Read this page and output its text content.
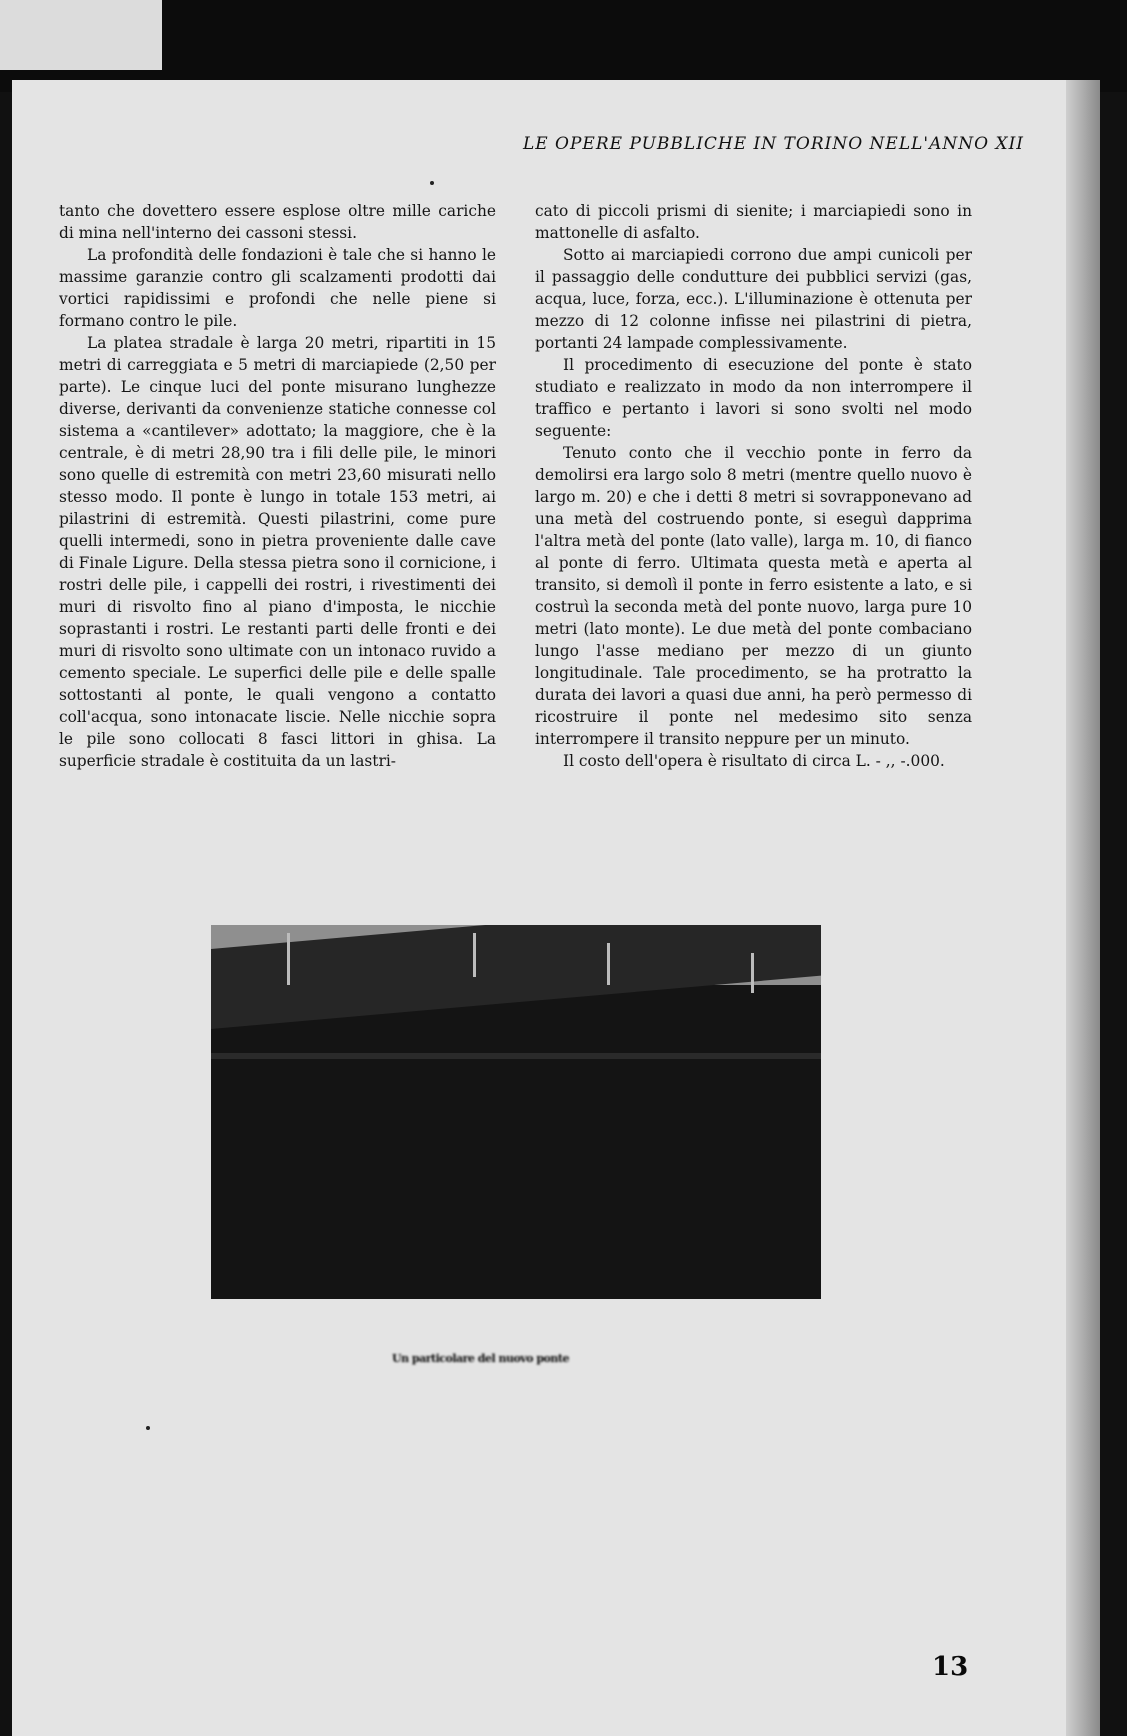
LE OPERE PUBBLICHE IN TORINO NELL'ANNO XII

tanto che dovettero essere esplose oltre mille cariche di mina nell'interno dei cassoni stessi.

La profondità delle fondazioni è tale che si hanno le massime garanzie contro gli scalzamenti prodotti dai vortici rapidissimi e profondi che nelle piene si formano contro le pile.

La platea stradale è larga 20 metri, ripartiti in 15 metri di carreggiata e 5 metri di marciapiede (2,50 per parte). Le cinque luci del ponte misurano lunghezze diverse, derivanti da convenienze statiche connesse col sistema a «cantilever» adottato; la maggiore, che è la centrale, è di metri 28,90 tra i fili delle pile, le minori sono quelle di estremità con metri 23,60 misurati nello stesso modo. Il ponte è lungo in totale 153 metri, ai pilastrini di estremità. Questi pilastrini, come pure quelli intermedi, sono in pietra proveniente dalle cave di Finale Ligure. Della stessa pietra sono il cornicione, i rostri delle pile, i cappelli dei rostri, i rivestimenti dei muri di risvolto fino al piano d'imposta, le nicchie soprastanti i rostri. Le restanti parti delle fronti e dei muri di risvolto sono ultimate con un intonaco ruvido a cemento speciale. Le superfici delle pile e delle spalle sottostanti al ponte, le quali vengono a contatto coll'acqua, sono intonacate liscie. Nelle nicchie sopra le pile sono collocati 8 fasci littori in ghisa. La superficie stradale è costituita da un lastri-

cato di piccoli prismi di sienite; i marciapiedi sono in mattonelle di asfalto.

Sotto ai marciapiedi corrono due ampi cunicoli per il passaggio delle condutture dei pubblici servizi (gas, acqua, luce, forza, ecc.). L'illuminazione è ottenuta per mezzo di 12 colonne infisse nei pilastrini di pietra, portanti 24 lampade complessivamente.

Il procedimento di esecuzione del ponte è stato studiato e realizzato in modo da non interrompere il traffico e pertanto i lavori si sono svolti nel modo seguente:

Tenuto conto che il vecchio ponte in ferro da demolirsi era largo solo 8 metri (mentre quello nuovo è largo m. 20) e che i detti 8 metri si sovrapponevano ad una metà del costruendo ponte, si eseguì dapprima l'altra metà del ponte (lato valle), larga m. 10, di fianco al ponte di ferro. Ultimata questa metà e aperta al transito, si demolì il ponte in ferro esistente a lato, e si costruì la seconda metà del ponte nuovo, larga pure 10 metri (lato monte). Le due metà del ponte combaciano lungo l'asse mediano per mezzo di un giunto longitudinale. Tale procedimento, se ha protratto la durata dei lavori a quasi due anni, ha però permesso di ricostruire il ponte nel medesimo sito senza interrompere il transito neppure per un minuto.

Il costo dell'opera è risultato di circa L. - ,, -.000.

Un particolare del nuovo ponte
13
